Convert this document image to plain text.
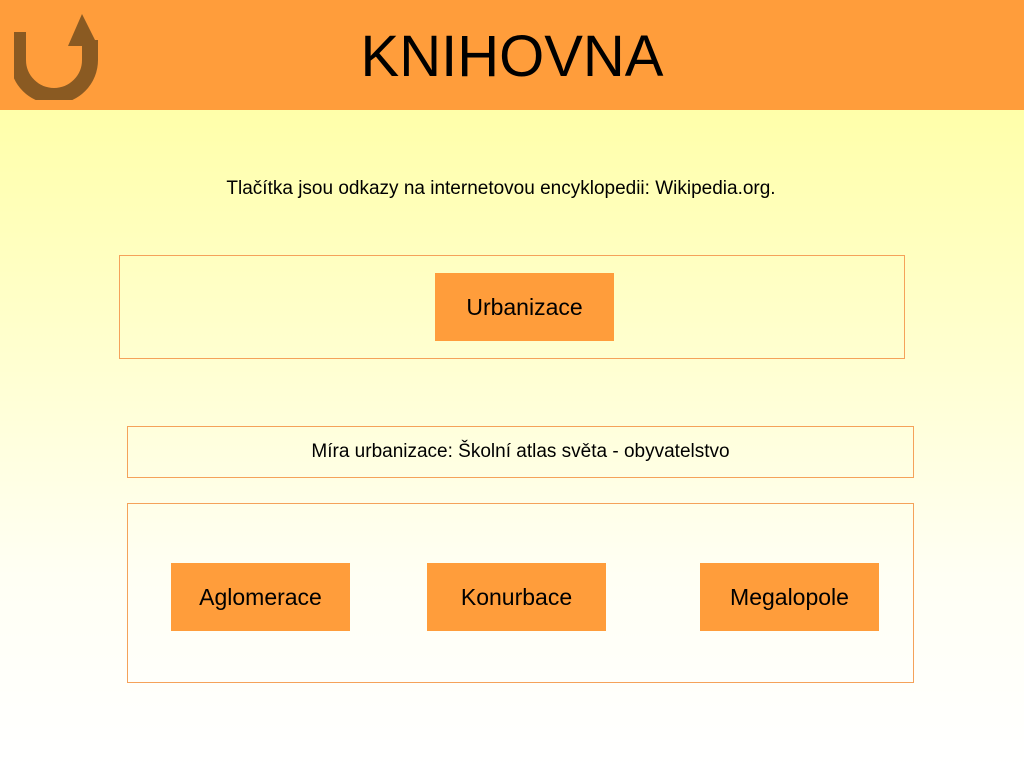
KNIHOVNA
Tlačítka jsou odkazy na internetovou encyklopedii: Wikipedia.org.
Urbanizace
Míra urbanizace: Školní atlas světa - obyvatelstvo
Aglomerace	Konurbace	Megalopole
